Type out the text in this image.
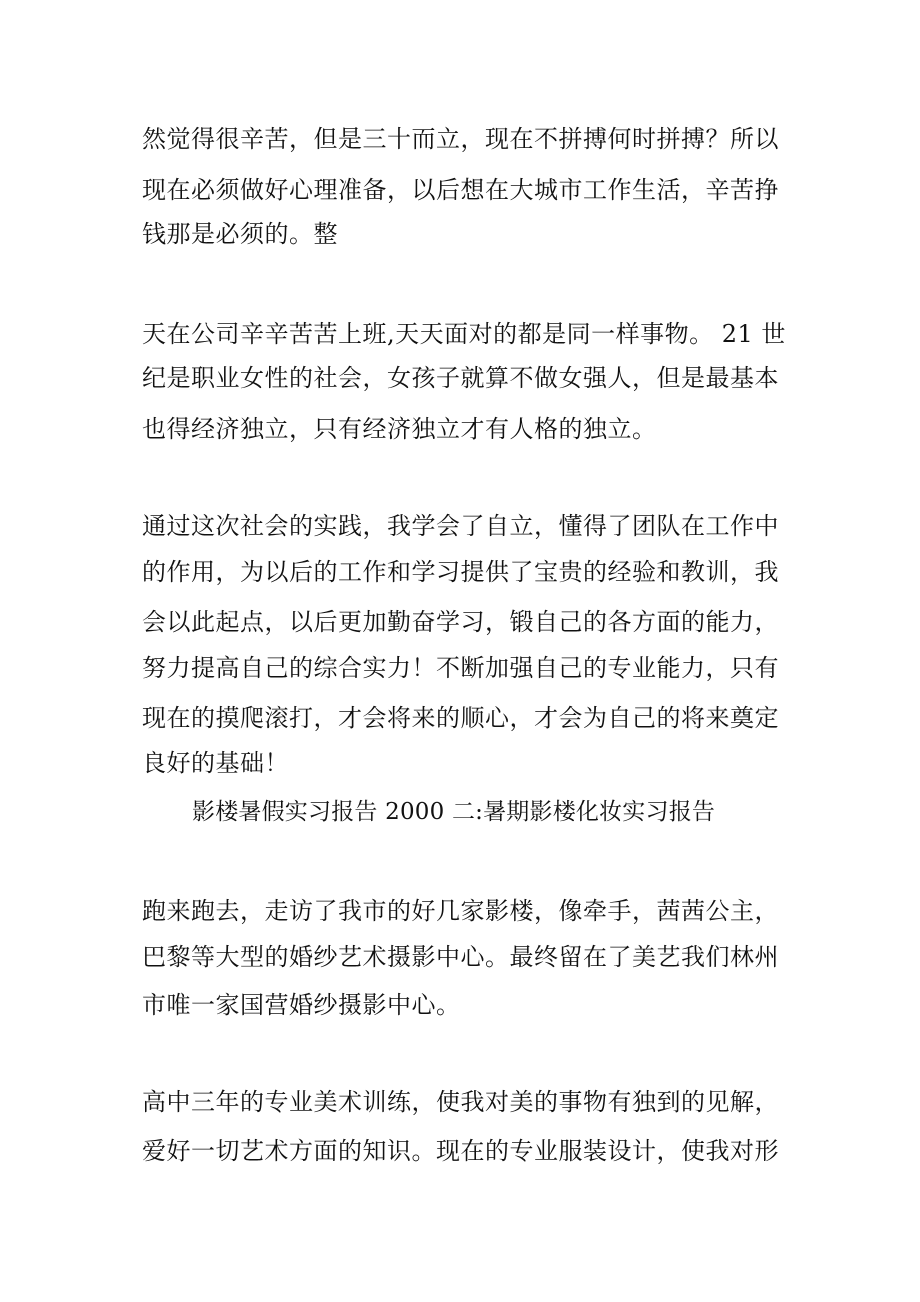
然觉得很辛苦，但是三十而立，现在不拼搏何时拼搏？所以
现在必须做好心理准备，以后想在大城市工作生活，辛苦挣
钱那是必须的。整
天在公司辛辛苦苦上班,天天面对的都是同一样事物。 21 世
纪是职业女性的社会，女孩子就算不做女强人，但是最基本
也得经济独立，只有经济独立才有人格的独立。
通过这次社会的实践，我学会了自立，懂得了团队在工作中
的作用，为以后的工作和学习提供了宝贵的经验和教训，我
会以此起点，以后更加勤奋学习，锻自己的各方面的能力，
努力提高自己的综合实力！不断加强自己的专业能力，只有
现在的摸爬滚打，才会将来的顺心，才会为自己的将来奠定
良好的基础！
影楼暑假实习报告 2000 二:暑期影楼化妆实习报告
跑来跑去，走访了我市的好几家影楼，像牵手，茜茜公主，
巴黎等大型的婚纱艺术摄影中心。最终留在了美艺我们林州
市唯一家国营婚纱摄影中心。
高中三年的专业美术训练，使我对美的事物有独到的见解，
爱好一切艺术方面的知识。现在的专业服装设计，使我对形
